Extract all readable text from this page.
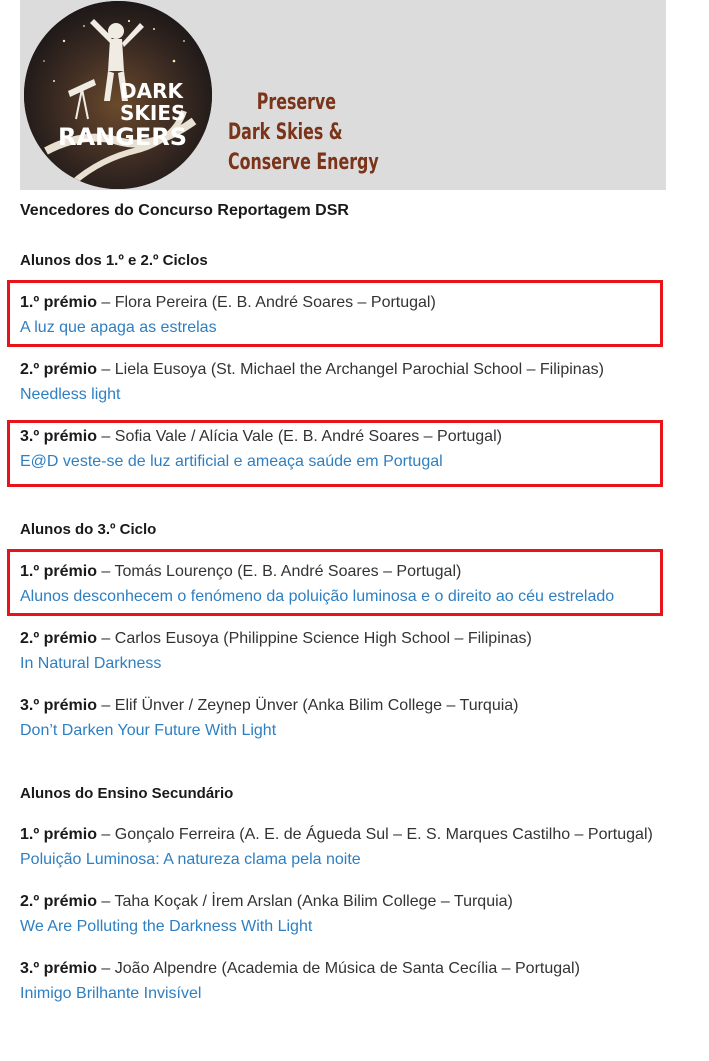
DARK
SKIES
RANGERS
Preserve
Dark Skies &
Conserve Energy
Vencedores do Concurso Reportagem DSR
Alunos dos 1.º e 2.º Ciclos
1.º prémio – Flora Pereira (E. B. André Soares – Portugal)
A luz que apaga as estrelas
2.º prémio – Liela Eusoya (St. Michael the Archangel Parochial School – Filipinas)
Needless light
3.º prémio – Sofia Vale / Alícia Vale (E. B. André Soares – Portugal)
E@D veste-se de luz artificial e ameaça saúde em Portugal
Alunos do 3.º Ciclo
1.º prémio – Tomás Lourenço (E. B. André Soares – Portugal)
Alunos desconhecem o fenómeno da poluição luminosa e o direito ao céu estrelado
2.º prémio – Carlos Eusoya (Philippine Science High School – Filipinas)
In Natural Darkness
3.º prémio – Elif Ünver / Zeynep Ünver (Anka Bilim College – Turquia)
Don’t Darken Your Future With Light
Alunos do Ensino Secundário
1.º prémio – Gonçalo Ferreira (A. E. de Águeda Sul – E. S. Marques Castilho – Portugal)
Poluição Luminosa: A natureza clama pela noite
2.º prémio – Taha Koçak / İrem Arslan (Anka Bilim College – Turquia)
We Are Polluting the Darkness With Light
3.º prémio – João Alpendre (Academia de Música de Santa Cecília – Portugal)
Inimigo Brilhante Invisível
